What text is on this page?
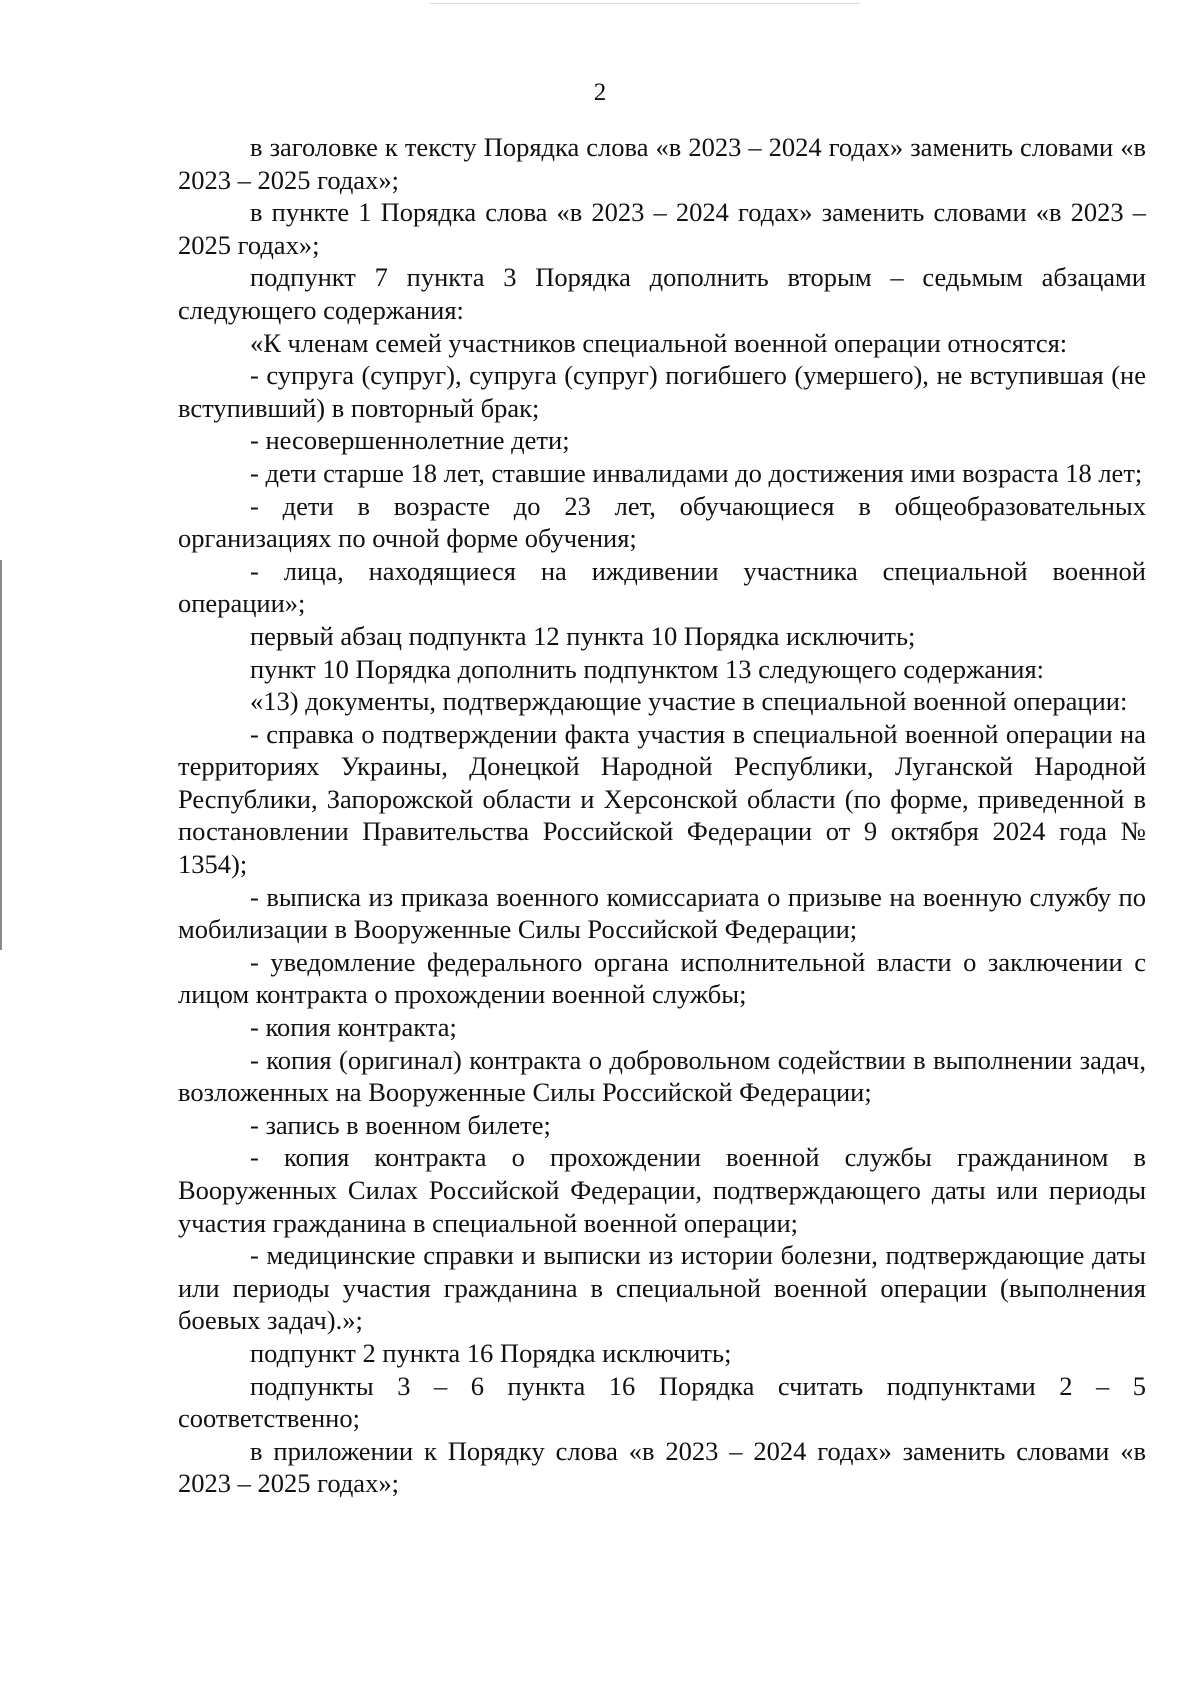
2

в заголовке к тексту Порядка слова «в 2023 – 2024 годах» заменить словами «в 2023 – 2025 годах»;

в пункте 1 Порядка слова «в 2023 – 2024 годах» заменить словами «в 2023 – 2025 годах»;

подпункт 7 пункта 3 Порядка дополнить вторым – седьмым абзацами следующего содержания:

«К членам семей участников специальной военной операции относятся:

- супруга (супруг), супруга (супруг) погибшего (умершего), не вступившая (не вступивший) в повторный брак;

- несовершеннолетние дети;

- дети старше 18 лет, ставшие инвалидами до достижения ими возраста 18 лет;

- дети в возрасте до 23 лет, обучающиеся в общеобразовательных организациях по очной форме обучения;

- лица, находящиеся на иждивении участника специальной военной операции»;

первый абзац подпункта 12 пункта 10 Порядка исключить;

пункт 10 Порядка дополнить подпунктом 13 следующего содержания:

«13) документы, подтверждающие участие в специальной военной операции:

- справка о подтверждении факта участия в специальной военной операции на территориях Украины, Донецкой Народной Республики, Луганской Народной Республики, Запорожской области и Херсонской области (по форме, приведенной в постановлении Правительства Российской Федерации от 9 октября 2024 года № 1354);

- выписка из приказа военного комиссариата о призыве на военную службу по мобилизации в Вооруженные Силы Российской Федерации;

- уведомление федерального органа исполнительной власти о заключении с лицом контракта о прохождении военной службы;

- копия контракта;

- копия (оригинал) контракта о добровольном содействии в выполнении задач, возложенных на Вооруженные Силы Российской Федерации;

- запись в военном билете;

- копия контракта о прохождении военной службы гражданином в Вооруженных Силах Российской Федерации, подтверждающего даты или периоды участия гражданина в специальной военной операции;

- медицинские справки и выписки из истории болезни, подтверждающие даты или периоды участия гражданина в специальной военной операции (выполнения боевых задач).»;

подпункт 2 пункта 16 Порядка исключить;

подпункты 3 – 6 пункта 16 Порядка считать подпунктами 2 – 5 соответственно;

в приложении к Порядку слова «в 2023 – 2024 годах» заменить словами «в 2023 – 2025 годах»;
